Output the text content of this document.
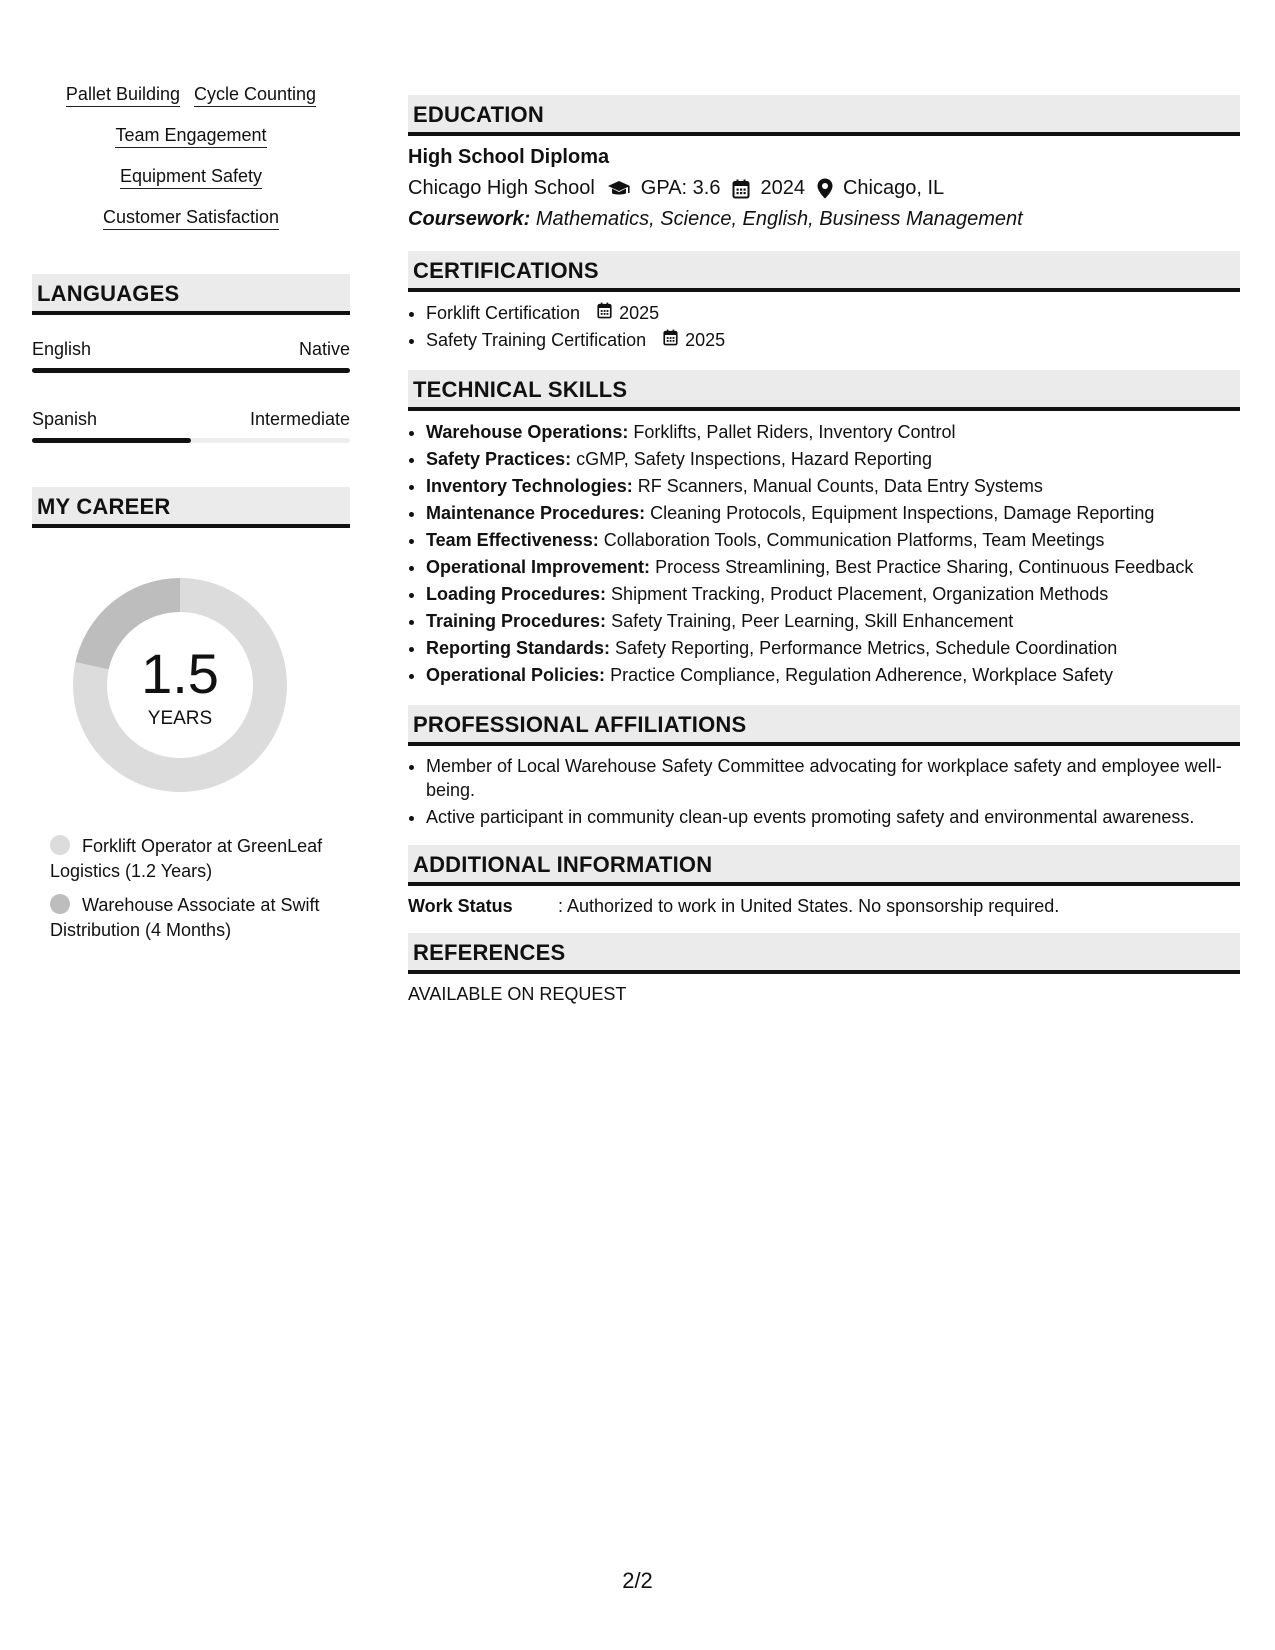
Pallet Building Cycle Counting
Team Engagement
Equipment Safety
Customer Satisfaction
LANGUAGES
English	Native
Spanish	Intermediate
MY CAREER
1.5
YEARS
Forklift Operator at GreenLeaf Logistics (1.2 Years)
Warehouse Associate at Swift Distribution (4 Months)
EDUCATION
High School Diploma
Chicago High School GPA: 3.6 2024 Chicago, IL
Coursework: Mathematics, Science, English, Business Management
CERTIFICATIONS
• Forklift Certification 2025
• Safety Training Certification 2025
TECHNICAL SKILLS
• Warehouse Operations: Forklifts, Pallet Riders, Inventory Control
• Safety Practices: cGMP, Safety Inspections, Hazard Reporting
• Inventory Technologies: RF Scanners, Manual Counts, Data Entry Systems
• Maintenance Procedures: Cleaning Protocols, Equipment Inspections, Damage Reporting
• Team Effectiveness: Collaboration Tools, Communication Platforms, Team Meetings
• Operational Improvement: Process Streamlining, Best Practice Sharing, Continuous Feedback
• Loading Procedures: Shipment Tracking, Product Placement, Organization Methods
• Training Procedures: Safety Training, Peer Learning, Skill Enhancement
• Reporting Standards: Safety Reporting, Performance Metrics, Schedule Coordination
• Operational Policies: Practice Compliance, Regulation Adherence, Workplace Safety
PROFESSIONAL AFFILIATIONS
• Member of Local Warehouse Safety Committee advocating for workplace safety and employee well-being.
• Active participant in community clean-up events promoting safety and environmental awareness.
ADDITIONAL INFORMATION
Work Status	: Authorized to work in United States. No sponsorship required.
REFERENCES
AVAILABLE ON REQUEST
2/2
